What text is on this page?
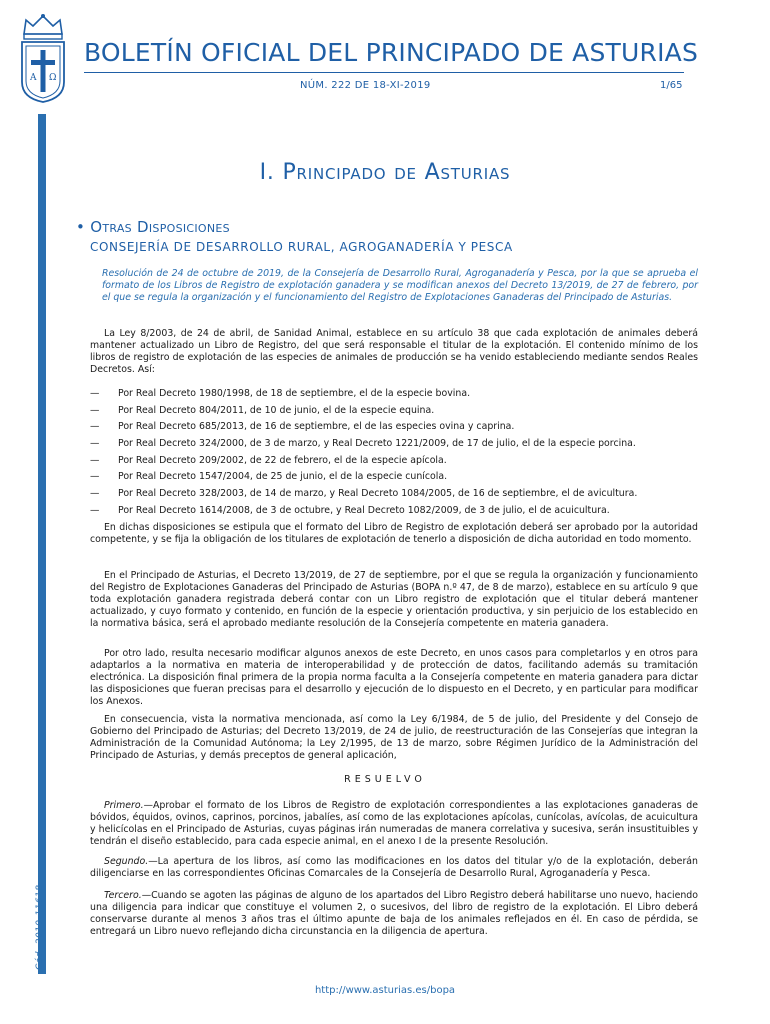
A Ω
Cód. 2019-11618
BOLETÍN OFICIAL DEL PRINCIPADO DE ASTURIAS
NÚM. 222 DE 18-XI-2019	1/65
I. Principado de Asturias
• Otras Disposiciones
CONSEJERÍA DE DESARROLLO RURAL, AGROGANADERÍA Y PESCA
Resolución de 24 de octubre de 2019, de la Consejería de Desarrollo Rural, Agroganadería y Pesca, por la que se aprueba el formato de los Libros de Registro de explotación ganadera y se modifican anexos del Decreto 13/2019, de 27 de febrero, por el que se regula la organización y el funcionamiento del Registro de Explotaciones Ganaderas del Principado de Asturias.
La Ley 8/2003, de 24 de abril, de Sanidad Animal, establece en su artículo 38 que cada explotación de animales deberá mantener actualizado un Libro de Registro, del que será responsable el titular de la explotación. El contenido mínimo de los libros de registro de explotación de las especies de animales de producción se ha venido estableciendo mediante sendos Reales Decretos. Así:
—	Por Real Decreto 1980/1998, de 18 de septiembre, el de la especie bovina.
—	Por Real Decreto 804/2011, de 10 de junio, el de la especie equina.
—	Por Real Decreto 685/2013, de 16 de septiembre, el de las especies ovina y caprina.
—	Por Real Decreto 324/2000, de 3 de marzo, y Real Decreto 1221/2009, de 17 de julio, el de la especie porcina.
—	Por Real Decreto 209/2002, de 22 de febrero, el de la especie apícola.
—	Por Real Decreto 1547/2004, de 25 de junio, el de la especie cunícola.
—	Por Real Decreto 328/2003, de 14 de marzo, y Real Decreto 1084/2005, de 16 de septiembre, el de avicultura.
—	Por Real Decreto 1614/2008, de 3 de octubre, y Real Decreto 1082/2009, de 3 de julio, el de acuicultura.
En dichas disposiciones se estipula que el formato del Libro de Registro de explotación deberá ser aprobado por la autoridad competente, y se fija la obligación de los titulares de explotación de tenerlo a disposición de dicha autoridad en todo momento.
En el Principado de Asturias, el Decreto 13/2019, de 27 de septiembre, por el que se regula la organización y funcionamiento del Registro de Explotaciones Ganaderas del Principado de Asturias (BOPA n.º 47, de 8 de marzo), establece en su artículo 9 que toda explotación ganadera registrada deberá contar con un Libro registro de explotación que el titular deberá mantener actualizado, y cuyo formato y contenido, en función de la especie y orientación productiva, y sin perjuicio de los establecido en la normativa básica, será el aprobado mediante resolución de la Consejería competente en materia ganadera.
Por otro lado, resulta necesario modificar algunos anexos de este Decreto, en unos casos para completarlos y en otros para adaptarlos a la normativa en materia de interoperabilidad y de protección de datos, facilitando además su tramitación electrónica. La disposición final primera de la propia norma faculta a la Consejería competente en materia ganadera para dictar las disposiciones que fueran precisas para el desarrollo y ejecución de lo dispuesto en el Decreto, y en particular para modificar los Anexos.
En consecuencia, vista la normativa mencionada, así como la Ley 6/1984, de 5 de julio, del Presidente y del Consejo de Gobierno del Principado de Asturias; del Decreto 13/2019, de 24 de julio, de reestructuración de las Consejerías que integran la Administración de la Comunidad Autónoma; la Ley 2/1995, de 13 de marzo, sobre Régimen Jurídico de la Administración del Principado de Asturias, y demás preceptos de general aplicación,
RESUELVO
Primero.—Aprobar el formato de los Libros de Registro de explotación correspondientes a las explotaciones ganaderas de bóvidos, équidos, ovinos, caprinos, porcinos, jabalíes, así como de las explotaciones apícolas, cunícolas, avícolas, de acuicultura y helicícolas en el Principado de Asturias, cuyas páginas irán numeradas de manera correlativa y sucesiva, serán insustituibles y tendrán el diseño establecido, para cada especie animal, en el anexo I de la presente Resolución.
Segundo.—La apertura de los libros, así como las modificaciones en los datos del titular y/o de la explotación, deberán diligenciarse en las correspondientes Oficinas Comarcales de la Consejería de Desarrollo Rural, Agroganadería y Pesca.
Tercero.—Cuando se agoten las páginas de alguno de los apartados del Libro Registro deberá habilitarse uno nuevo, haciendo una diligencia para indicar que constituye el volumen 2, o sucesivos, del libro de registro de la explotación. El Libro deberá conservarse durante al menos 3 años tras el último apunte de baja de los animales reflejados en él. En caso de pérdida, se entregará un Libro nuevo reflejando dicha circunstancia en la diligencia de apertura.
http://www.asturias.es/bopa
